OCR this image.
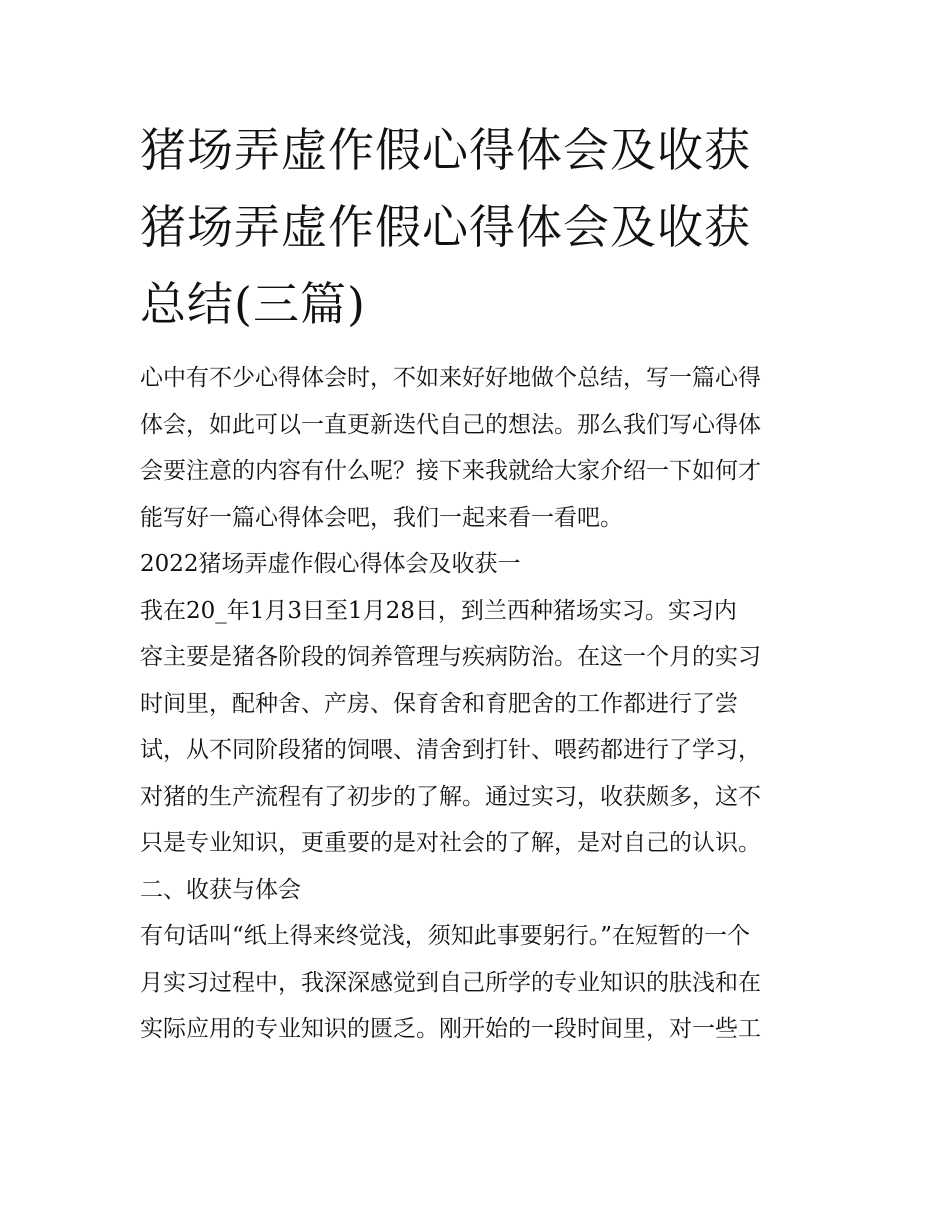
猪场弄虚作假心得体会及收获
猪场弄虚作假心得体会及收获
总结(三篇)

心中有不少心得体会时，不如来好好地做个总结，写一篇心得
体会，如此可以一直更新迭代自己的想法。那么我们写心得体
会要注意的内容有什么呢？接下来我就给大家介绍一下如何才
能写好一篇心得体会吧，我们一起来看一看吧。

2022猪场弄虚作假心得体会及收获一

我在20_年1月3日至1月28日，到兰西种猪场实习。实习内
容主要是猪各阶段的饲养管理与疾病防治。在这一个月的实习
时间里，配种舍、产房、保育舍和育肥舍的工作都进行了尝
试，从不同阶段猪的饲喂、清舍到打针、喂药都进行了学习，
对猪的生产流程有了初步的了解。通过实习，收获颇多，这不
只是专业知识，更重要的是对社会的了解，是对自己的认识。

二、收获与体会

有句话叫“纸上得来终觉浅，须知此事要躬行。”在短暂的一个
月实习过程中，我深深感觉到自己所学的专业知识的肤浅和在
实际应用的专业知识的匮乏。刚开始的一段时间里，对一些工
